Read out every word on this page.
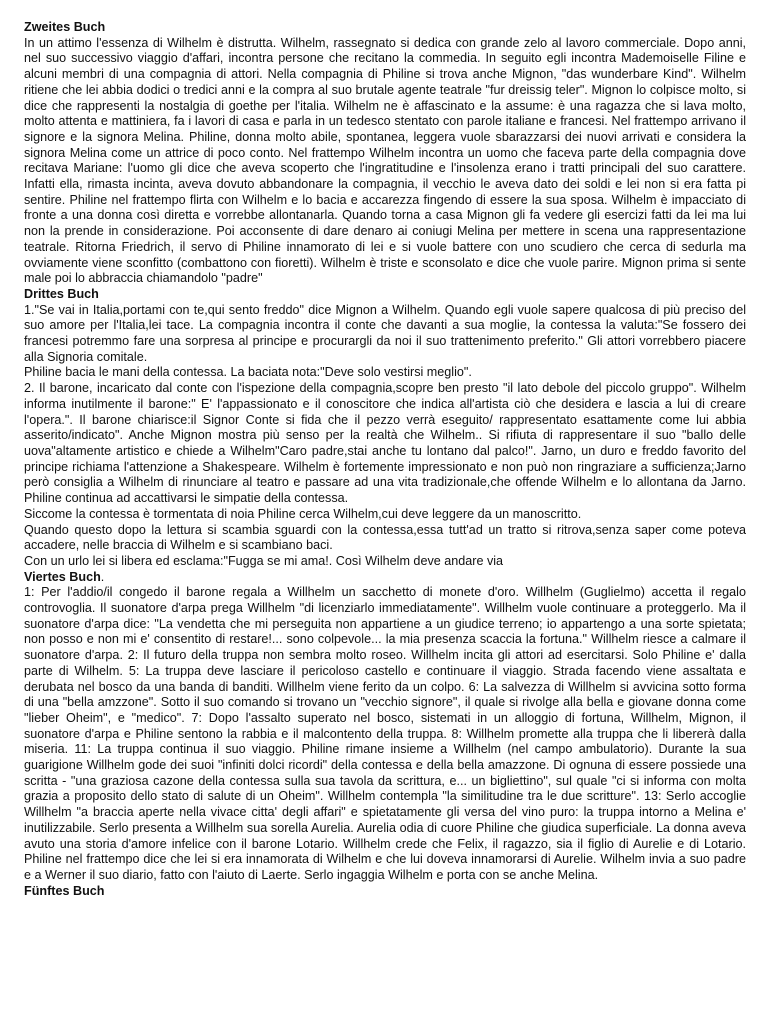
Zweites Buch

In un attimo l'essenza di Wilhelm è distrutta. Wilhelm, rassegnato si dedica con grande zelo al lavoro commerciale. Dopo anni, nel suo successivo viaggio d'affari, incontra persone che recitano la commedia. In seguito egli incontra Mademoiselle Filine e alcuni membri di una compagnia di attori. Nella compagnia di Philine si trova anche Mignon, "das wunderbare Kind". Wilhelm ritiene che lei abbia dodici o tredici anni e la compra al suo brutale agente teatrale "fur dreissig teler". Mignon lo colpisce molto, si dice che rappresenti la nostalgia di goethe per l'italia. Wilhelm ne è affascinato e la assume: è una ragazza che si lava molto, molto attenta e mattiniera, fa i lavori di casa e parla in un tedesco stentato con parole italiane e francesi. Nel frattempo arrivano il signore e la signora Melina. Philine, donna molto abile, spontanea, leggera vuole sbarazzarsi dei nuovi arrivati e considera la signora Melina come un attrice di poco conto. Nel frattempo Wilhelm incontra un uomo che faceva parte della compagnia dove recitava Mariane: l'uomo gli dice che aveva scoperto che l'ingratitudine e l'insolenza erano i tratti principali del suo carattere. Infatti ella, rimasta incinta, aveva dovuto abbandonare la compagnia, il vecchio le aveva dato dei soldi e lei non si era fatta pi sentire. Philine nel frattempo flirta con Wilhelm e lo bacia e accarezza fingendo di essere la sua sposa. Wilhelm è impacciato di fronte a una donna così diretta e vorrebbe allontanarla. Quando torna a casa Mignon gli fa vedere gli esercizi fatti da lei ma lui non la prende in considerazione. Poi acconsente di dare denaro ai coniugi Melina per mettere in scena una rappresentazione teatrale. Ritorna Friedrich, il servo di Philine innamorato di lei e si vuole battere con uno scudiero che cerca di sedurla ma ovviamente viene sconfitto (combattono con fioretti). Wilhelm è triste e sconsolato e dice che vuole parire. Mignon prima si sente male poi lo abbraccia chiamandolo "padre"

Drittes Buch

1."Se vai in Italia,portami con te,qui sento freddo" dice Mignon a Wilhelm. Quando egli vuole sapere qualcosa di più preciso del suo amore per l'Italia,lei tace. La compagnia incontra il conte che davanti a sua moglie, la contessa la valuta:"Se fossero dei francesi potremmo fare una sorpresa al principe e procurargli da noi il suo trattenimento preferito." Gli attori vorrebbero piacere alla Signoria comitale.

Philine bacia le mani della contessa. La baciata nota:"Deve solo vestirsi meglio".

2. Il barone, incaricato dal conte con l'ispezione della compagnia,scopre ben presto "il lato debole del piccolo gruppo". Wilhelm informa inutilmente il barone:" E' l'appassionato e il conoscitore che indica all'artista ciò che desidera e lascia a lui di creare l'opera.". Il barone chiarisce:il Signor Conte si fida che il pezzo verrà eseguito/ rappresentato esattamente come lui abbia asserito/indicato". Anche Mignon mostra più senso per la realtà che Wilhelm.. Si rifiuta di rappresentare il suo "ballo delle uova"altamente artistico e chiede a Wilhelm"Caro padre,stai anche tu lontano dal palco!". Jarno, un duro e freddo favorito del principe richiama l'attenzione a Shakespeare. Wilhelm è fortemente impressionato e non può non ringraziare a sufficienza;Jarno però consiglia a Wilhelm di rinunciare al teatro e passare ad una vita tradizionale,che offende Wilhelm e lo allontana da Jarno. Philine continua ad accattivarsi le simpatie della contessa.

Siccome la contessa è tormentata di noia Philine cerca Wilhelm,cui deve leggere da un manoscritto.

Quando questo dopo la lettura si scambia sguardi con la contessa,essa tutt'ad un tratto si ritrova,senza saper come poteva accadere, nelle braccia di Wilhelm e si scambiano baci.

Con un urlo lei si libera ed esclama:"Fugga se mi ama!. Così Wilhelm deve andare via

Viertes Buch.

1: Per l'addio/il congedo il barone regala a Willhelm un sacchetto di monete d'oro. Willhelm (Guglielmo) accetta il regalo controvoglia. Il suonatore d'arpa prega Willhelm "di licenziarlo immediatamente". Willhelm vuole continuare a proteggerlo. Ma il suonatore d'arpa dice: "La vendetta che mi perseguita non appartiene a un giudice terreno; io appartengo a una sorte spietata; non posso e non mi e' consentito di restare!... sono colpevole... la mia presenza scaccia la fortuna." Willhelm riesce a calmare il suonatore d'arpa. 2: Il futuro della truppa non sembra molto roseo. Willhelm incita gli attori ad esercitarsi. Solo Philine e' dalla parte di Wilhelm. 5: La truppa deve lasciare il pericoloso castello e continuare il viaggio. Strada facendo viene assaltata e derubata nel bosco da una banda di banditi. Willhelm viene ferito da un colpo. 6: La salvezza di Willhelm si avvicina sotto forma di una "bella amzzone". Sotto il suo comando si trovano un "vecchio signore", il quale si rivolge alla bella e giovane donna come "lieber Oheim", e "medico". 7: Dopo l'assalto superato nel bosco, sistemati in un alloggio di fortuna, Willhelm, Mignon, il suonatore d'arpa e Philine sentono la rabbia e il malcontento della truppa. 8: Willhelm promette alla truppa che li libererà dalla miseria. 11: La truppa continua il suo viaggio. Philine rimane insieme a Willhelm (nel campo ambulatorio). Durante la sua guarigione Willhelm gode dei suoi "infiniti dolci ricordi" della contessa e della bella amazzone. Di ognuna di essere possiede una scritta - "una graziosa cazone della contessa sulla sua tavola da scrittura, e... un bigliettino", sul quale "ci si informa con molta grazia a proposito dello stato di salute di un Oheim". Willhelm contempla "la similitudine tra le due scritture". 13: Serlo accoglie Willhelm "a braccia aperte nella vivace citta' degli affari" e spietatamente gli versa del vino puro: la truppa intorno a Melina e' inutilizzabile. Serlo presenta a Willhelm sua sorella Aurelia. Aurelia odia di cuore Philine che giudica superficiale. La donna aveva avuto una storia d'amore infelice con il barone Lotario. Willhelm crede che Felix, il ragazzo, sia il figlio di Aurelie e di Lotario. Philine nel frattempo dice che lei si era innamorata di Wilhelm e che lui doveva innamorarsi di Aurelie. Wilhelm invia a suo padre e a Werner il suo diario, fatto con l'aiuto di Laerte. Serlo ingaggia Wilhelm e porta con se anche Melina.

Fünftes Buch
